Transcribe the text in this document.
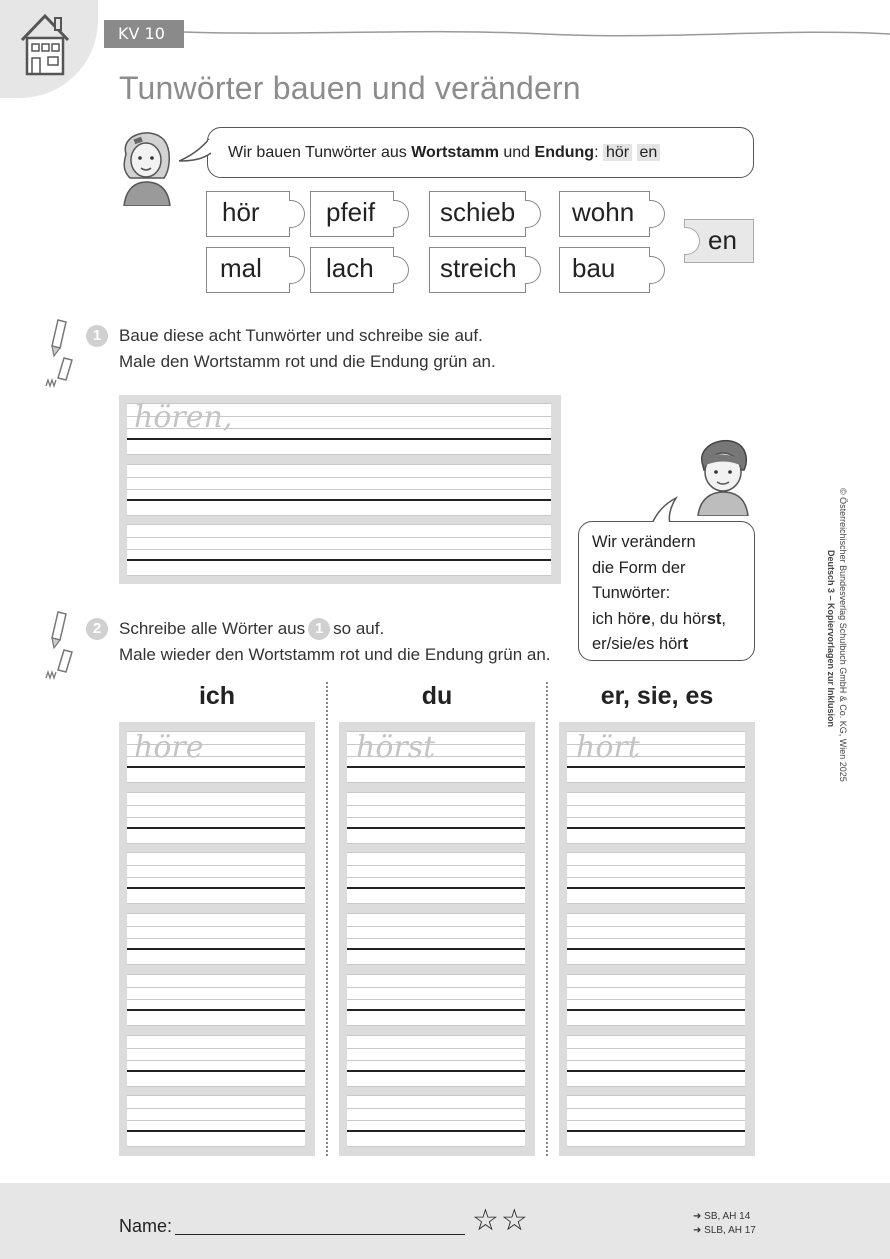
KV 10
Tunwörter bauen und verändern
Wir bauen Tunwörter aus Wortstamm und Endung: hör en
hör	pfeif schieb wohn
mal lach	streich bau
en
1	Baue diese acht Tunwörter und schreibe sie auf.
Male den Wortstamm rot und die Endung grün an.
hören,
Wir verändern
die Form der
Tunwörter:
ich höre, du hörst,
er/sie/es hört	© Österreichischer Bundesverlag Schulbuch GmbH & Co. KG, Wien 2025
Deutsch 3 – Kopiervorlagen zur Inklusion
2	Schreibe alle Wörter aus 1 so auf.
Male wieder den Wortstamm rot und die Endung grün an.
ich	du	er, sie, es
höre	hörst	hört
Name:	☆☆	➜ SB, AH 14
➜ SLB, AH 17
